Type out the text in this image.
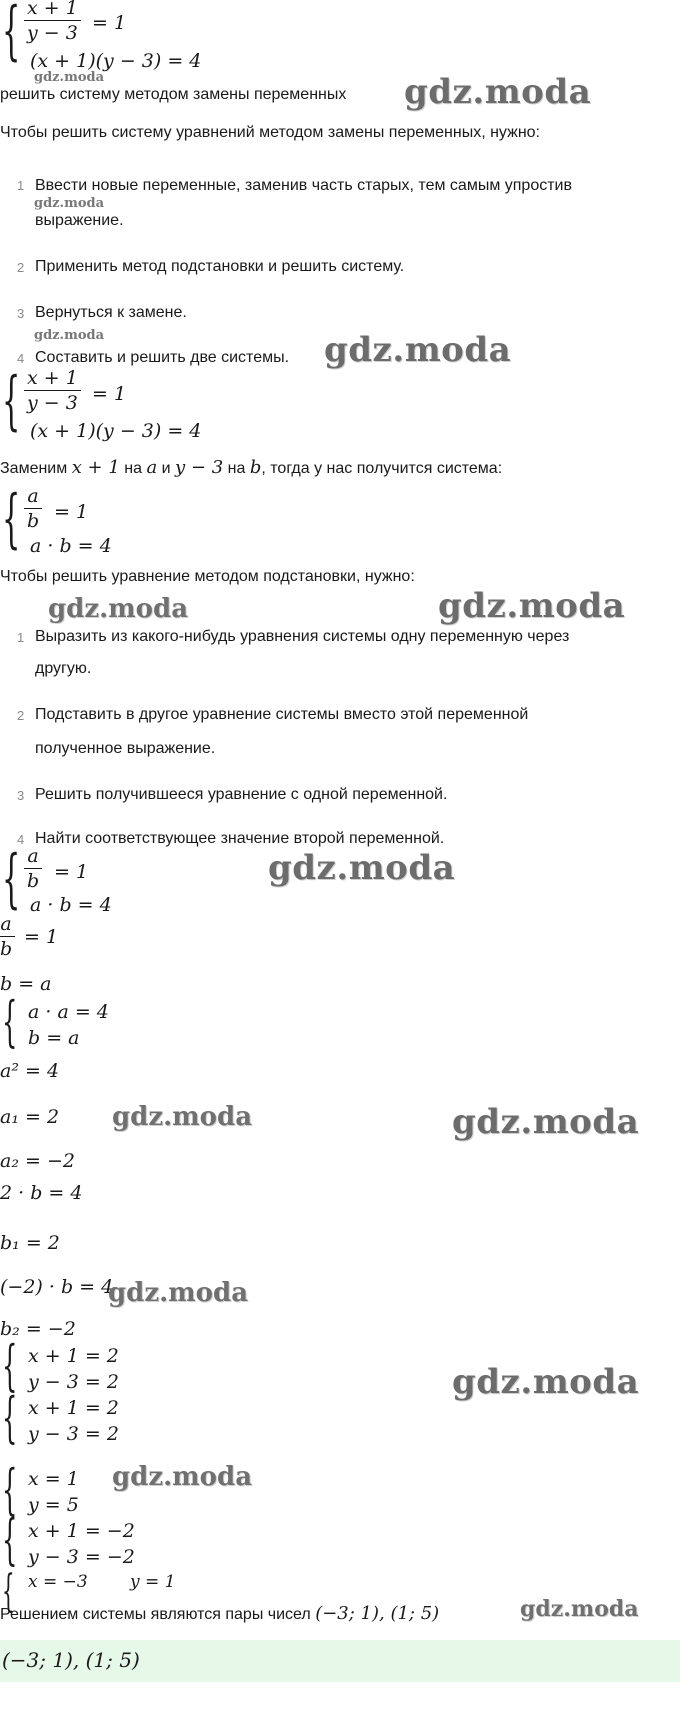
{ x + 1
y − 3 = 1
(x + 1)(y − 3) = 4
gdz.moda
решить систему методом замены переменных gdz.moda
Чтобы решить систему уравнений методом замены переменных, нужно:
1 Ввести новые переменные, заменив часть старых, тем самым упростив
gdz.moda
выражение.
2 Применить метод подстановки и решить систему.
3 Вернуться к замене.
gdz.moda
4 Составить и решить две системы. gdz.moda
{ x + 1
y − 3 = 1
(x + 1)(y − 3) = 4
Заменим x + 1 на a и y − 3 на b, тогда у нас получится система:
{ a
b = 1
a · b = 4
Чтобы решить уравнение методом подстановки, нужно:
gdz.moda	gdz.moda
1 Выразить из какого-нибудь уравнения системы одну переменную через
другую.
2 Подставить в другое уравнение системы вместо этой переменной
полученное выражение.
3 Решить получившееся уравнение с одной переменной.
4 Найти соответствующее значение второй переменной.
{ a
b = 1
a · b = 4
gdz.moda
a
b
= 1
b = a
{ a · a = 4
b = a
a² = 4
a₁ = 2 gdz.moda	gdz.moda
a₂ = −2
2 · b = 4
b₁ = 2
(−2) · b = 4
gdz.moda
b₂ = −2
{ x + 1 = 2
y − 3 = 2
{ x + 1 = 2
y − 3 = 2
gdz.moda
{ x = 1
y = 5
gdz.moda
{ x + 1 = −2
y − 3 = −2
Решением системы являются пары чисел (−3; 1), (1; 5)
(−3; 1), (1; 5)
{ x = −3
gdz.moda
y = 1
